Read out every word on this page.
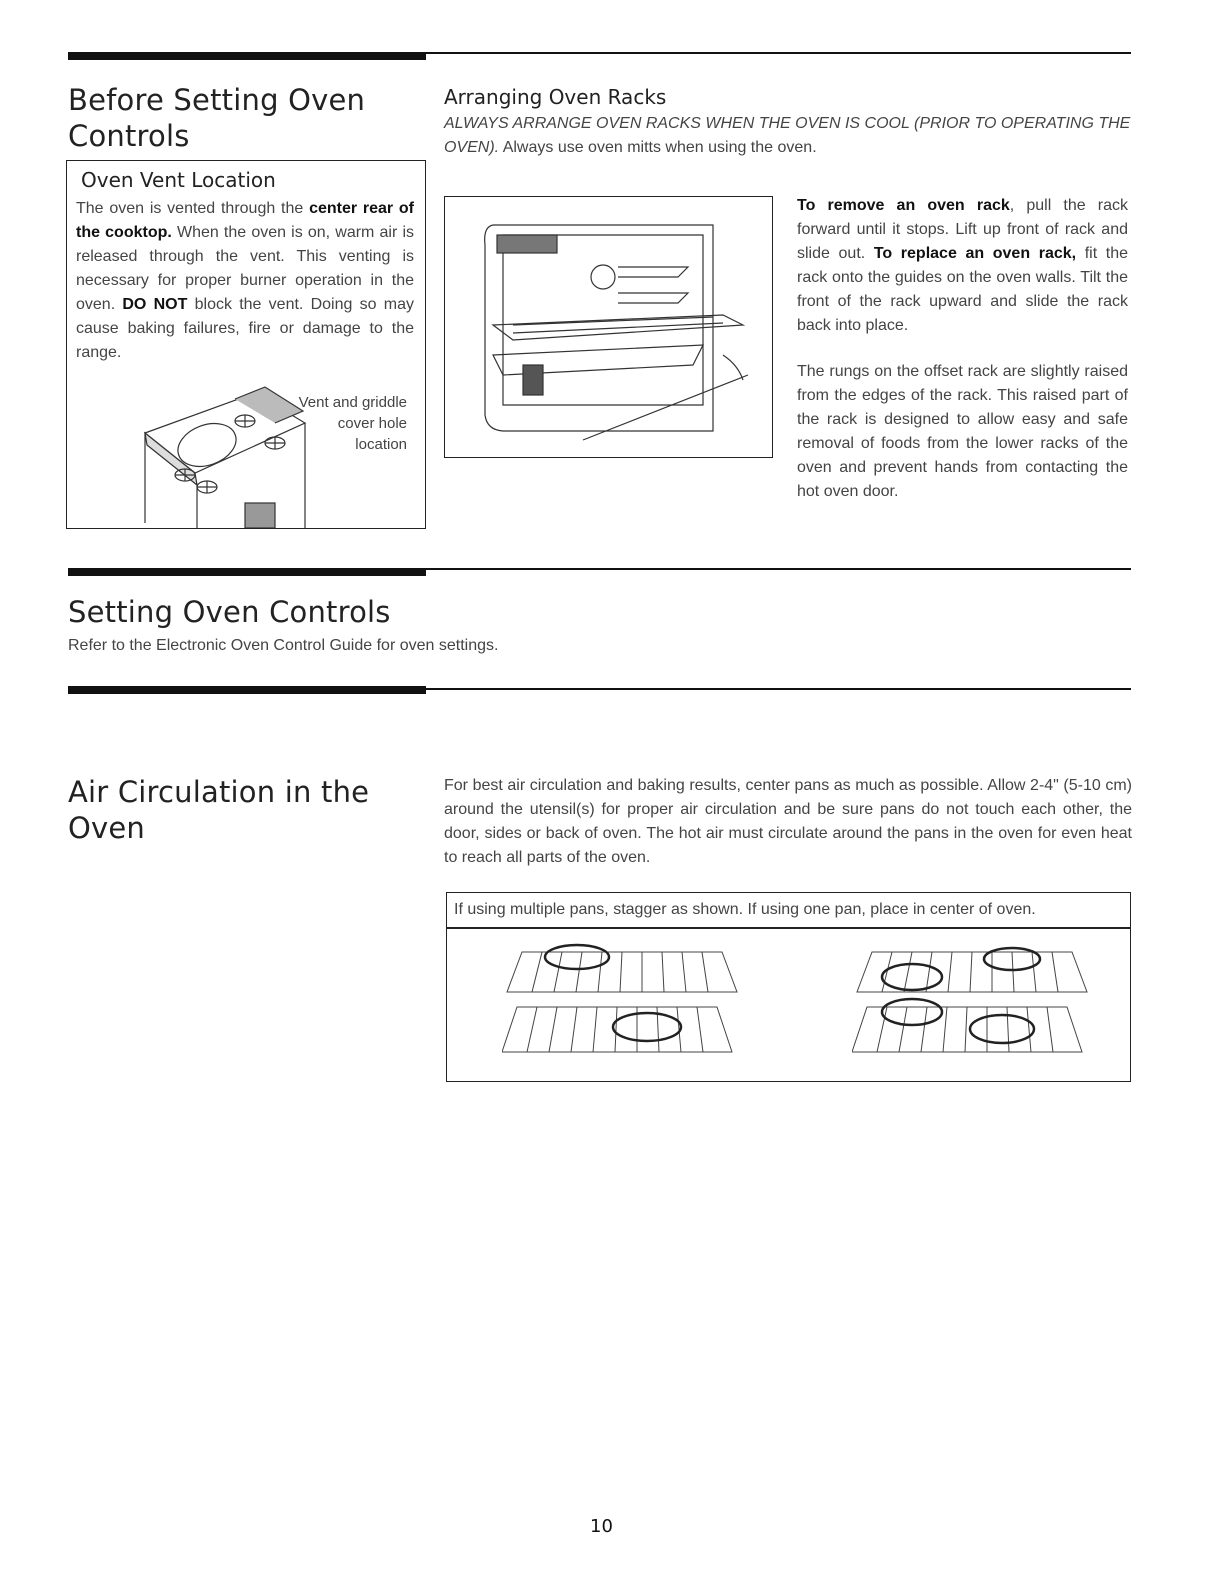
Before Setting Oven
Controls
Oven Vent Location
The oven is vented through the center rear of the cooktop. When the oven is on, warm air is released through the vent. This venting is necessary for proper burner operation in the oven. DO NOT block the vent. Doing so may cause baking failures, fire or damage to the range.
Vent and griddle
cover hole
location
Arranging Oven Racks
ALWAYS ARRANGE OVEN RACKS WHEN THE OVEN IS COOL (PRIOR TO OPERATING THE OVEN). Always use oven mitts when using the oven.
To remove an oven rack, pull the rack forward until it stops. Lift up front of rack and slide out. To replace an oven rack, fit the rack onto the guides on the oven walls. Tilt the front of the rack upward and slide the rack back into place.
The rungs on the offset rack are slightly raised from the edges of the rack. This raised part of the rack is designed to allow easy and safe removal of foods from the lower racks of the oven and prevent hands from contacting the hot oven door.
Setting Oven Controls
Refer to the Electronic Oven Control Guide for oven settings.
Air Circulation in the
Oven
For best air circulation and baking results, center pans as much as possible. Allow 2-4" (5-10 cm) around the utensil(s) for proper air circulation and be sure pans do not touch each other, the door, sides or back of oven. The hot air must circulate around the pans in the oven for even heat to reach all parts of the oven.
If using multiple pans, stagger as shown. If using one pan, place in center of oven.
10
